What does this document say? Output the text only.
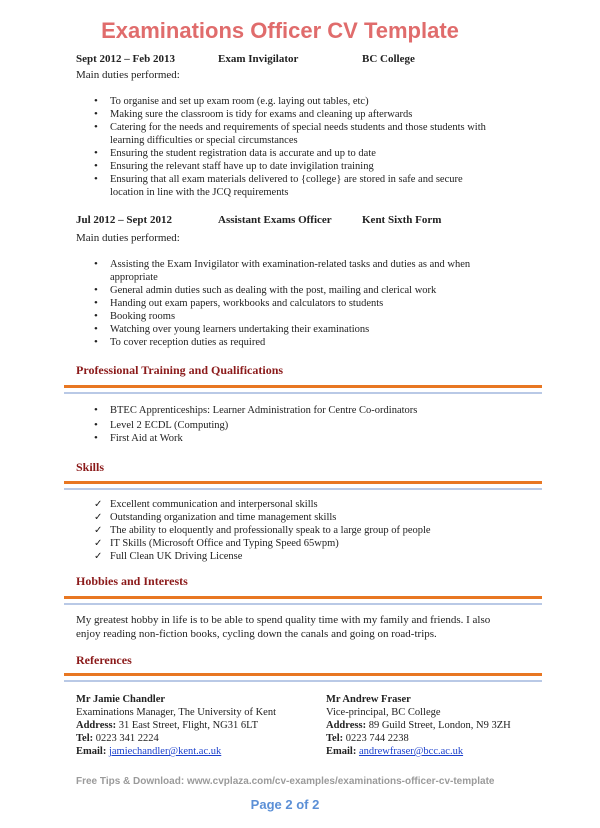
Examinations Officer CV Template
Sept 2012 – Feb 2013	Exam Invigilator	BC College
Main duties performed:
• To organise and set up exam room (e.g. laying out tables, etc)
• Making sure the classroom is tidy for exams and cleaning up afterwards
• Catering for the needs and requirements of special needs students and those students with learning difficulties or special circumstances
• Ensuring the student registration data is accurate and up to date
• Ensuring the relevant staff have up to date invigilation training
• Ensuring that all exam materials delivered to {college} are stored in safe and secure location in line with the JCQ requirements
Jul 2012 – Sept 2012	Assistant Exams Officer	Kent Sixth Form
Main duties performed:
• Assisting the Exam Invigilator with examination-related tasks and duties as and when appropriate
• General admin duties such as dealing with the post, mailing and clerical work
• Handing out exam papers, workbooks and calculators to students
• Booking rooms
• Watching over young learners undertaking their examinations
• To cover reception duties as required
Professional Training and Qualifications
• BTEC Apprenticeships: Learner Administration for Centre Co-ordinators
• Level 2 ECDL (Computing)
• First Aid at Work
Skills
✓ Excellent communication and interpersonal skills
✓ Outstanding organization and time management skills
✓ The ability to eloquently and professionally speak to a large group of people
✓ IT Skills (Microsoft Office and Typing Speed 65wpm)
✓ Full Clean UK Driving License
Hobbies and Interests
My greatest hobby in life is to be able to spend quality time with my family and friends. I also enjoy reading non-fiction books, cycling down the canals and going on road-trips.
References
Mr Jamie Chandler
Examinations Manager, The University of Kent
Address: 31 East Street, Flight, NG31 6LT
Tel: 0223 341 2224
Email: jamiechandler@kent.ac.uk
Mr Andrew Fraser
Vice-principal, BC College
Address: 89 Guild Street, London, N9 3ZH
Tel: 0223 744 2238
Email: andrewfraser@bcc.ac.uk
Free Tips & Download: www.cvplaza.com/cv-examples/examinations-officer-cv-template
Page 2 of 2
